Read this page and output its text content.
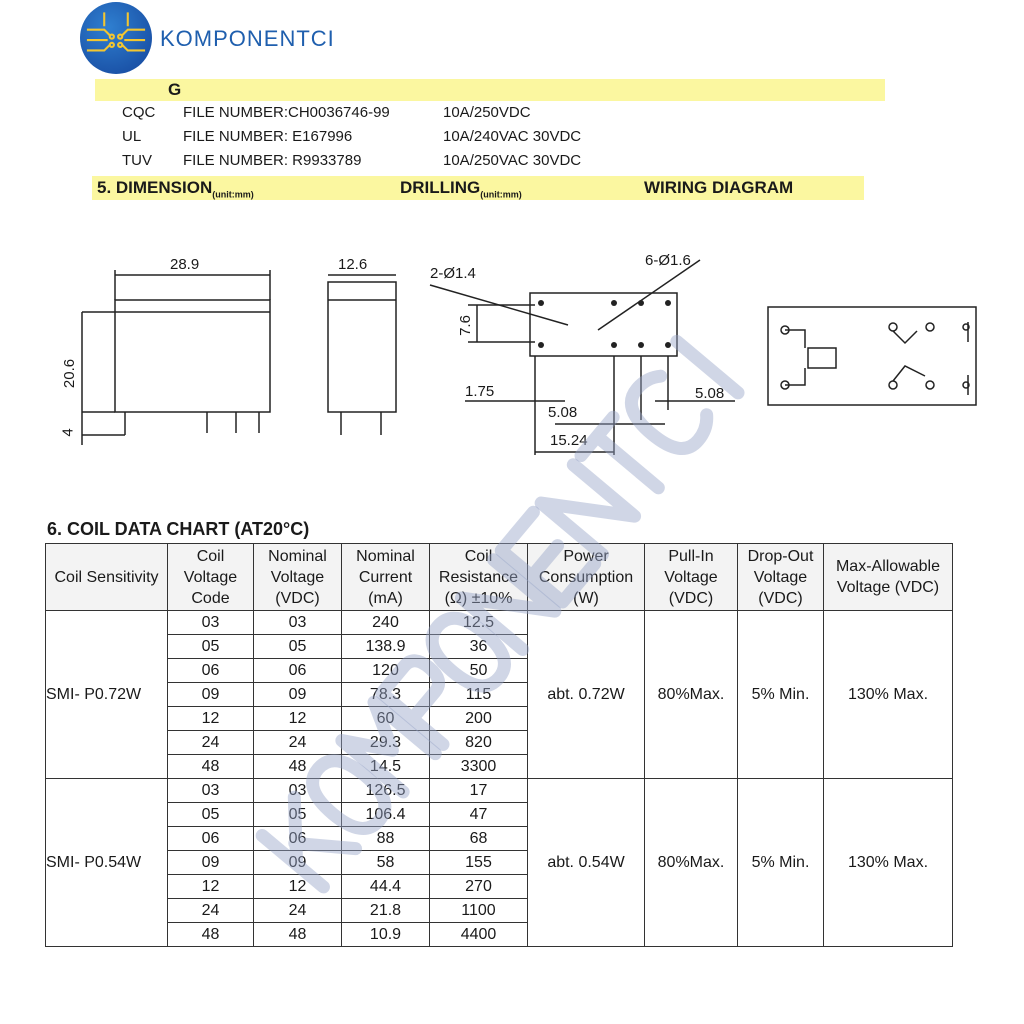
G
CQC FILE NUMBER:CH0036746-99	10A/250VDC
UL	FILE NUMBER: E167996	10A/240VAC 30VDC
TUV FILE NUMBER: R9933789	10A/250VAC 30VDC
5. $DIMENSION_{(unit:mm)}$	$DRILLING_{(unit:mm)}$	WIRING DIAGRAM
28.9	12.6
20.6
4
2-Ø1.4
6-Ø1.6
7.6
1.75
5.08
5.08
15.24
6. COIL DATA CHART (AT20°C)
Coil Sensitivity	Coil Voltage Code	Nominal Voltage (VDC)	Nominal Current (mA)	Coil Resistance (Ω) ±10%	Power Consumption (W)	Pull-In Voltage (VDC)	Drop-Out Voltage (VDC)	Max-Allowable Voltage (VDC)
SMI- P0.72W	03	03	240	12.5	abt. 0.72W	80%Max.	5% Min.	130% Max.
	05	05	138.9	36				
	06	06	120	50				
	09	09	78.3	115				
	12	12	60	200				
	24	24	29.3	820				
	48	48	14.5	3300				
SMI- P0.54W	03	03	126.5	17	abt. 0.54W	80%Max.	5% Min.	130% Max.
	05	05	106.4	47				
	06	06	88	68				
	09	09	58	155				
	12	12	44.4	270				
	24	24	21.8	1100				
	48	48	10.9	4400				
KOMPONENTCI
